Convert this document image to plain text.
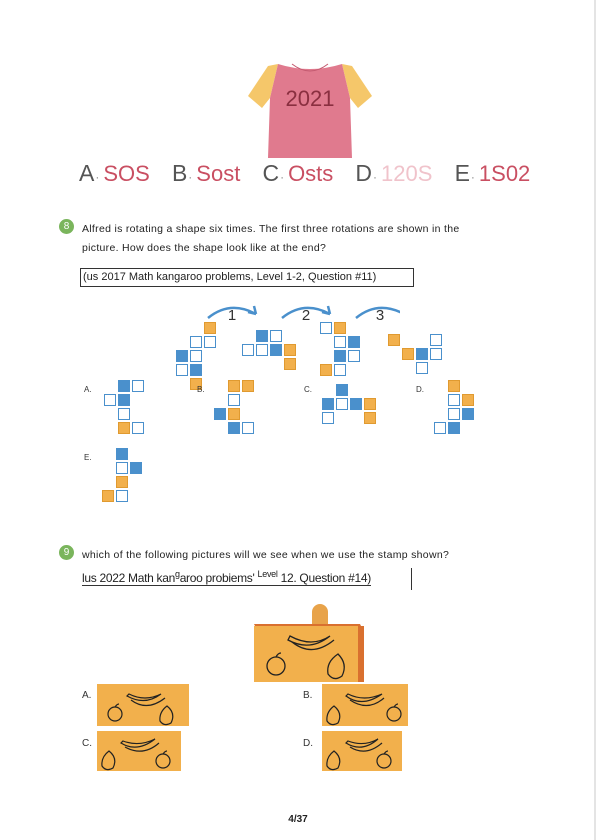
2021
A· SOS B· Sost C· Osts D· 120S E· 1S02
8	Alfred is rotating a shape six times. The first three rotations are shown in the
picture. How does the shape look like at the end?
(us 2017 Math kangaroo problems, Level 1-2, Question #11)
1	2	3
A.	B.	C.	D.
E.
9	which of the following pictures will we see when we use the stamp shown?
lus 2022 Math kan$^g$aroo probiems' $^{Level}$ 12. Question #14)
A.	B.
C.	D.
4/37
